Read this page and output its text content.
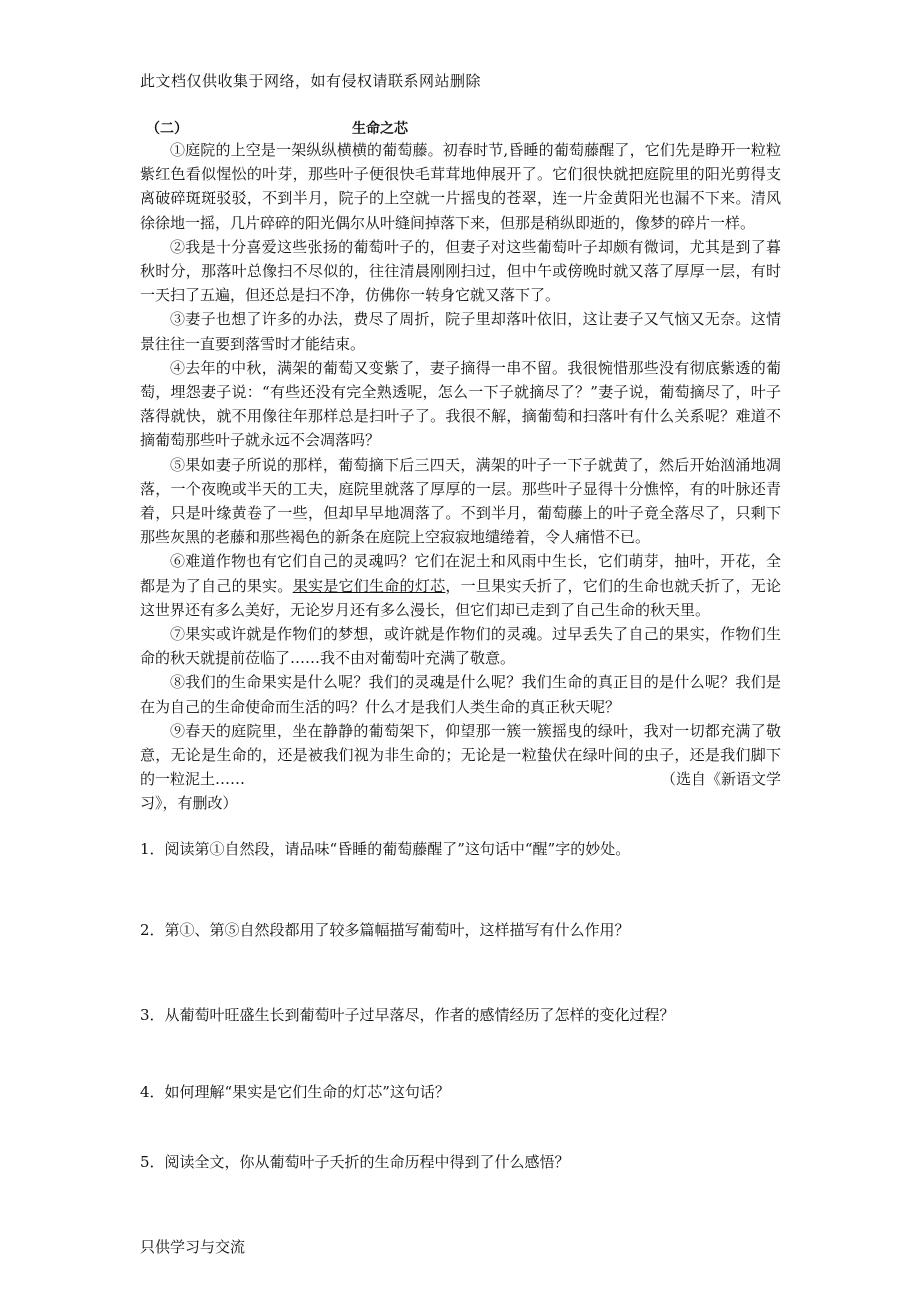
此文档仅供收集于网络，如有侵权请联系网站删除
（二）	生命之芯

①庭院的上空是一架纵纵横横的葡萄藤。初春时节,昏睡的葡萄藤醒了，它们先是睁开一粒粒紫红色看似惺忪的叶芽，那些叶子便很快毛茸茸地伸展开了。它们很快就把庭院里的阳光剪得支离破碎斑斑驳驳，不到半月，院子的上空就一片摇曳的苍翠，连一片金黄阳光也漏不下来。清风徐徐地一摇，几片碎碎的阳光偶尔从叶缝间掉落下来，但那是稍纵即逝的，像梦的碎片一样。

②我是十分喜爱这些张扬的葡萄叶子的，但妻子对这些葡萄叶子却颇有微词，尤其是到了暮秋时分，那落叶总像扫不尽似的，往往清晨刚刚扫过，但中午或傍晚时就又落了厚厚一层，有时一天扫了五遍，但还总是扫不净，仿佛你一转身它就又落下了。

③妻子也想了许多的办法，费尽了周折，院子里却落叶依旧，这让妻子又气恼又无奈。这情景往往一直要到落雪时才能结束。

④去年的中秋，满架的葡萄又变紫了，妻子摘得一串不留。我很惋惜那些没有彻底紫透的葡萄，埋怨妻子说：“有些还没有完全熟透呢，怎么一下子就摘尽了？”妻子说，葡萄摘尽了，叶子落得就快，就不用像往年那样总是扫叶子了。我很不解，摘葡萄和扫落叶有什么关系呢？难道不摘葡萄那些叶子就永远不会凋落吗？

⑤果如妻子所说的那样，葡萄摘下后三四天，满架的叶子一下子就黄了，然后开始汹涌地凋落，一个夜晚或半天的工夫，庭院里就落了厚厚的一层。那些叶子显得十分憔悴，有的叶脉还青着，只是叶缘黄卷了一些，但却早早地凋落了。不到半月，葡萄藤上的叶子竟全落尽了，只剩下那些灰黑的老藤和那些褐色的新条在庭院上空寂寂地缱绻着，令人痛惜不已。

⑥难道作物也有它们自己的灵魂吗？它们在泥土和风雨中生长，它们萌芽，抽叶，开花，全都是为了自己的果实。果实是它们生命的灯芯，一旦果实夭折了，它们的生命也就夭折了，无论这世界还有多么美好，无论岁月还有多么漫长，但它们却已走到了自己生命的秋天里。

⑦果实或许就是作物们的梦想，或许就是作物们的灵魂。过早丢失了自己的果实，作物们生命的秋天就提前莅临了……我不由对葡萄叶充满了敬意。

⑧我们的生命果实是什么呢？我们的灵魂是什么呢？我们生命的真正目的是什么呢？我们是在为自己的生命使命而生活的吗？什么才是我们人类生命的真正秋天呢？

⑨春天的庭院里，坐在静静的葡萄架下，仰望那一簇一簇摇曳的绿叶，我对一切都充满了敬意，无论是生命的，还是被我们视为非生命的；无论是一粒蛰伏在绿叶间的虫子，还是我们脚下的一粒泥土……	（选自《新语文学

习》，有删改）

1．阅读第①自然段，请品味“昏睡的葡萄藤醒了”这句话中“醒”字的妙处。
2．第①、第⑤自然段都用了较多篇幅描写葡萄叶，这样描写有什么作用？
3．从葡萄叶旺盛生长到葡萄叶子过早落尽，作者的感情经历了怎样的变化过程？
4．如何理解“果实是它们生命的灯芯”这句话？
5．阅读全文，你从葡萄叶子夭折的生命历程中得到了什么感悟？
只供学习与交流
